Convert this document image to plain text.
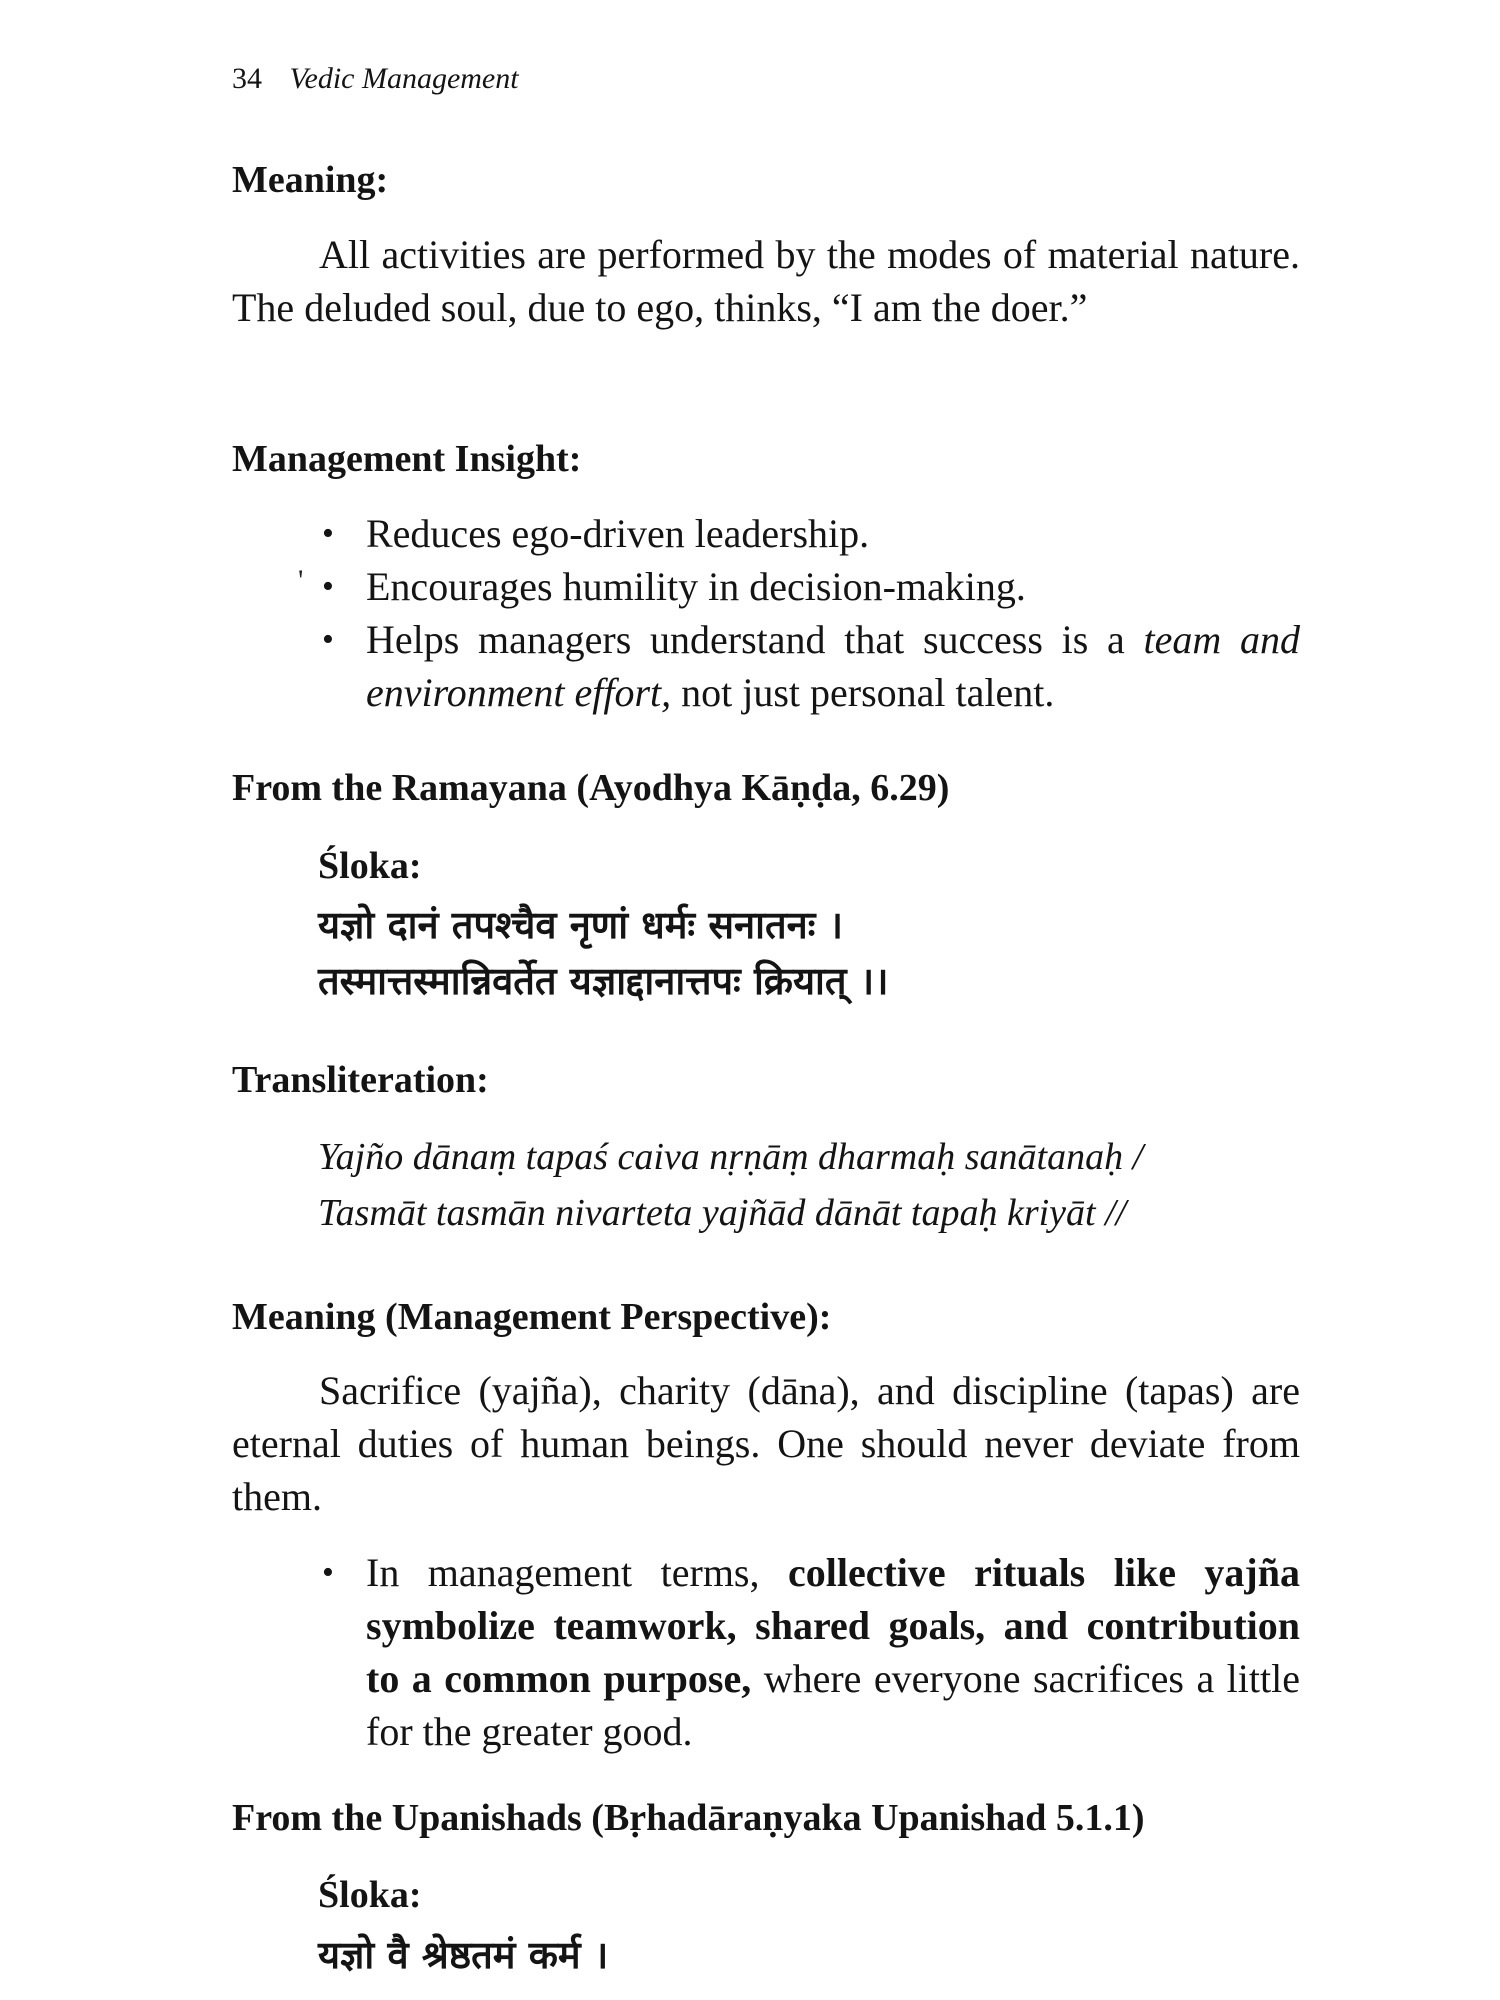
34 Vedic Management
Meaning:

All activities are performed by the modes of material nature. The deluded soul, due to ego, thinks, “I am the doer.”

Management Insight:
'
• Reduces ego-driven leadership.
• Encourages humility in decision-making.
• Helps managers understand that success is a team and environment effort, not just personal talent.
From the Ramayana (Ayodhya Kāṇḍa, 6.29)
Śloka:
यज्ञो दानं तपश्चैव नृणां धर्मः सनातनः ।
तस्मात्तस्मान्निवर्तेत यज्ञाद्दानात्तपः क्रियात् ।।
Transliteration:
Yajño dānaṃ tapaś caiva nṛṇāṃ dharmaḥ sanātanaḥ /
Tasmāt tasmān nivarteta yajñād dānāt tapaḥ kriyāt //
Meaning (Management Perspective):

Sacrifice (yajña), charity (dāna), and discipline (tapas) are eternal duties of human beings. One should never deviate from them.

• In management terms, collective rituals like yajña symbolize teamwork, shared goals, and contribution to a common purpose, where everyone sacrifices a little for the greater good.
From the Upanishads (Bṛhadāraṇyaka Upanishad 5.1.1)
Śloka:
यज्ञो वै श्रेष्ठतमं कर्म ।
